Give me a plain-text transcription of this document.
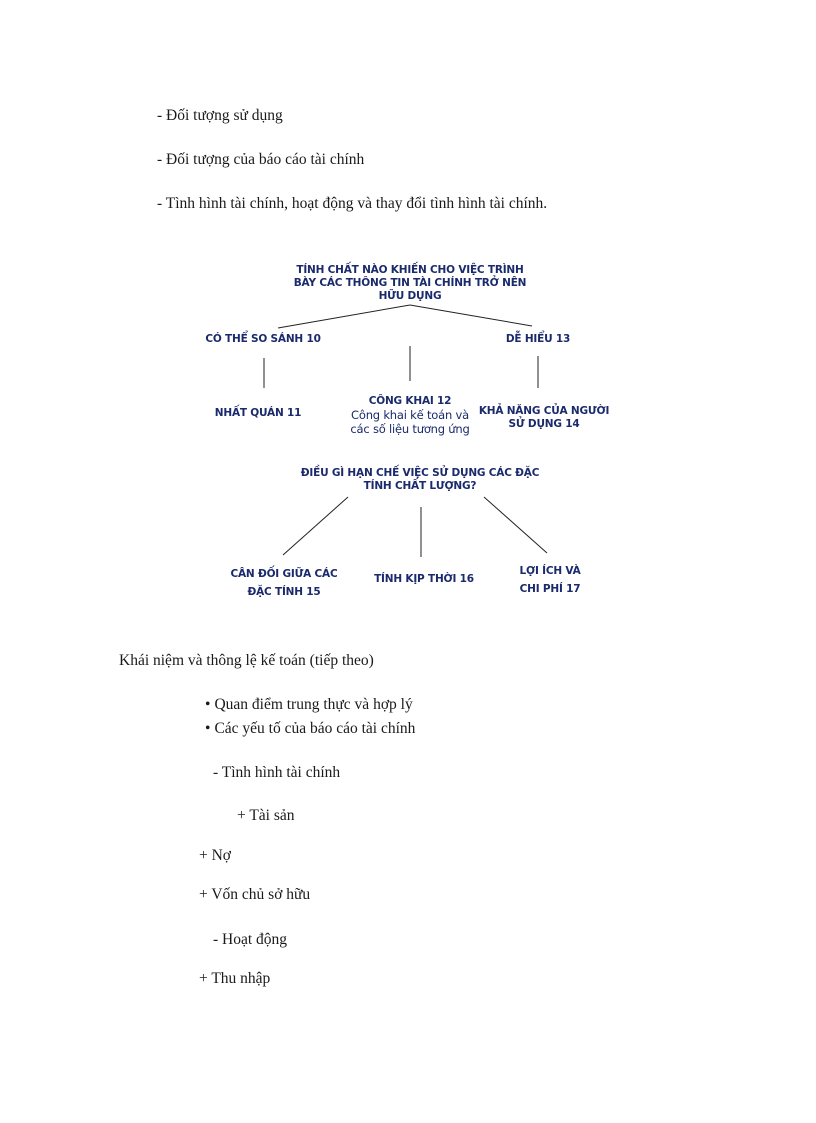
- Đối tượng sử dụng
- Đối tượng của báo cáo tài chính
- Tình hình tài chính, hoạt động và thay đổi tình hình tài chính.
TÍNH CHẤT NÀO KHIẾN CHO VIỆC TRÌNH
BÀY CÁC THÔNG TIN TÀI CHÍNH TRỞ NÊN
HỮU DỤNG
CÓ THỂ SO SÁNH 10	DỄ HIỂU 13
NHẤT QUÁN 11
CÔNG KHAI 12
Công khai kế toán và
các số liệu tương ứng
KHẢ NĂNG CỦA NGƯỜI
SỬ DỤNG 14
ĐIỀU GÌ HẠN CHẾ VIỆC SỬ DỤNG CÁC ĐẶC
TÍNH CHẤT LƯỢNG?
CÂN ĐỐI GIỮA CÁC
ĐẶC TÍNH 15
TÍNH KỊP THỜI 16
LỢI ÍCH VÀ
CHI PHÍ 17
Khái niệm và thông lệ kế toán (tiếp theo)
• Quan điểm trung thực và hợp lý
• Các yếu tố của báo cáo tài chính
- Tình hình tài chính
+ Tài sản
+ Nợ
+ Vốn chủ sở hữu
- Hoạt động
+ Thu nhập
